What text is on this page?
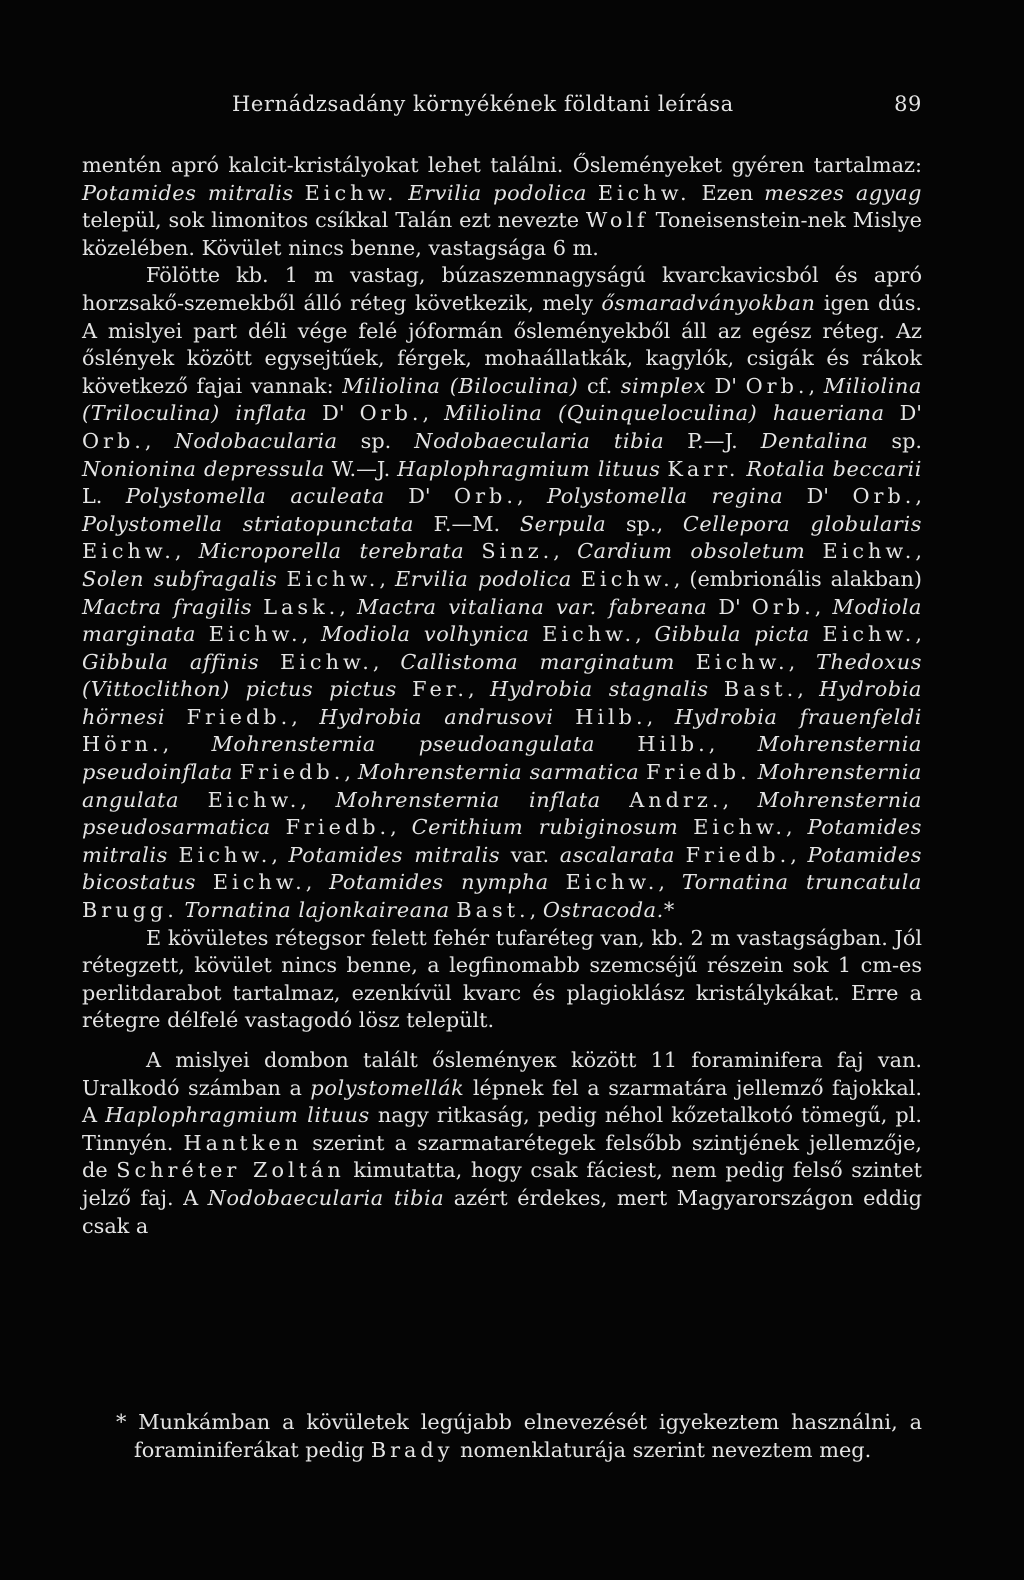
Hernádzsadány környékének földtani leírása	89

mentén apró kalcit-kristályokat lehet találni. Ősleményeket gyéren tartalmaz: Potamides mitralis Eichw. Ervilia podolica Eichw. Ezen meszes agyag települ, sok limonitos csíkkal Talán ezt nevezte Wolf Toneisenstein-nek Mislye közelében. Kövület nincs benne, vastagsága 6 m.

Fölötte kb. 1 m vastag, búzaszemnagyságú kvarckavicsból és apró horzsakő-szemekből álló réteg következik, mely ősmaradványokban igen dús. A mislyei part déli vége felé jóformán ősleményekből áll az egész réteg. Az őslények között egysejtűek, férgek, mohaállatkák, kagylók, csigák és rákok következő fajai vannak: Miliolina (Biloculina) cf. simplex D' Orb., Miliolina (Triloculina) inflata D' Orb., Miliolina (Quinqueloculina) haueriana D' Orb., Nodobacularia sp. Nodobaecularia tibia P.—J. Dentalina sp. Nonionina depressula W.—J. Haplophragmium lituus Karr. Rotalia beccarii L. Polystomella aculeata D' Orb., Polystomella regina D' Orb., Polystomella striatopunctata F.—M. Serpula sp., Cellepora globularis Eichw., Microporella terebrata Sinz., Cardium obsoletum Eichw., Solen subfragalis Eichw., Ervilia podolica Eichw., (embrionális alakban) Mactra fragilis Lask., Mactra vitaliana var. fabreana D' Orb., Modiola marginata Eichw., Modiola volhynica Eichw., Gibbula picta Eichw., Gibbula affinis Eichw., Callistoma marginatum Eichw., Thedoxus (Vittoclithon) pictus pictus Fer., Hydrobia stagnalis Bast., Hydrobia hörnesi Friedb., Hydrobia andrusovi Hilb., Hydrobia frauenfeldi Hörn., Mohrensternia pseudoangulata Hilb., Mohrensternia pseudoinflata Friedb., Mohrensternia sarmatica Friedb. Mohrensternia angulata Eichw., Mohrensternia inflata Andrz., Mohrensternia pseudosarmatica Friedb., Cerithium rubiginosum Eichw., Potamides mitralis Eichw., Potamides mitralis var. ascalarata Friedb., Potamides bicostatus Eichw., Potamides nympha Eichw., Tornatina truncatula Brugg. Tornatina lajonkaireana Bast., Ostracoda.*

E kövületes rétegsor felett fehér tufaréteg van, kb. 2 m vastagságban. Jól rétegzett, kövület nincs benne, a legfinomabb szemcséjű részein sok 1 cm-es perlitdarabot tartalmaz, ezenkívül kvarc és plagioklász kristálykákat. Erre a rétegre délfelé vastagodó lösz települt.

A mislyei dombon talált ősleményeк között 11 foraminifera faj van. Uralkodó számban a polystomellák lépnek fel a szarmatára jellemző fajokkal. A Haplophragmium lituus nagy ritkaság, pedig néhol kőzetalkotó tömegű, pl. Tinnyén. Hantken szerint a szarmatarétegek felsőbb szintjének jellemzője, de Schréter Zoltán kimutatta, hogy csak fáciest, nem pedig felső szintet jelző faj. A Nodobaecularia tibia azért érdekes, mert Magyarországon eddig csak a

* Munkámban a kövületek legújabb elnevezését igyekeztem használni, a foraminiferákat pedig Brady nomenklaturája szerint neveztem meg.
